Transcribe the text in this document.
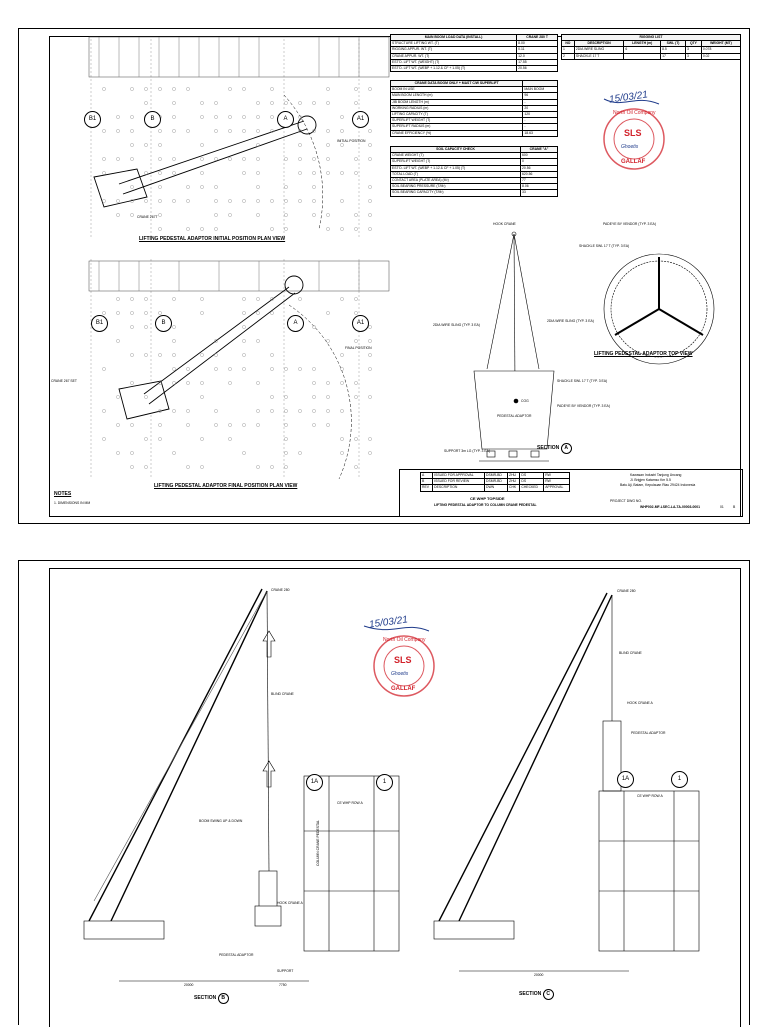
B1	B	A	A1
B1	B	A	A1
INITIAL POSITION
CRANE 267T
FINAL POSITION
CRANE 267 SET
LIFTING PEDESTAL ADAPTOR INITIAL POSITION PLAN VIEW
LIFTING PEDESTAL ADAPTOR FINAL POSITION PLAN VIEW
MAIN BOOM LOAD DATA (INSTALL)	CRANE 280 T
STRUCTURE LIFTING WT. (T)	8.00
RIGGING APPUR. WT. (T)	0.11
CRANE APPUR. WT. (T)	12.0
EST'D. LIFT WT. (WEIGHT) (T)	17.55
EST'D. LIFT WT. (WEBP + 1.12 & CF + 1.05) (T)	20.56
CRANE DATA BOOM ONLY + MAST C/W SUPERLIFT	
BOOM IN USE	MAIN BOOM
MAIN BOOM LENGTH (m)	96
JIB BOOM LENGTH (m)	-
WORKING RADIUS (m)	20
LIFTING CAPACITY (T)	120
SUPERLIFT WEIGHT (T)	-
SUPERLIFT RADIUS (m)	-
CRANE EFFICIENCY (%)	18.63
SOIL CAPACITY CHECK	CRANE "A"
CRANE WEIGHT (T)	600
SUPERLIFT WEIGHT (T)	0
EST'D. LIFT WT. (WEBP + 1.12 & CF + 1.05) (T)	20.56
TOTAL LOAD (T)	620.56
CONTACT AREA (PLATE AREA) (M²)	77
SOIL BEARING PRESSURE (T/M²)	8.06
SOIL BEARING CAPACITY (T/M²)	33
RIGGING LIST					
NO	DESCRIPTION	LENGTH (m)	SWL (T)	QTY	WEIGHT (MT)
1	2DIA WIRE SLING	6	8.5	3	0.078
2	SHACKLE 17 T		17	3	0.02
HOOK CRANE
2DIA WIRE SLING (TYP. 3 EA)
2DIA WIRE SLING (TYP. 3 EA)
SHACKLE SWL 17 T (TYP. 3 EA)
PADEYE BY VENDOR (TYP. 3 EA)
PEDESTAL ADAPTOR
SUPPORT 3m LG (TYP. 3 EA)
COG
PADEYE BY VENDOR (TYP. 3 EA)
SHACKLE SWL 17 T (TYP. 3 EA)
SECTION A
LIFTING PEDESTAL ADAPTOR TOP VIEW
NOTES
1. DIMENSIONS IN MM
A	ISSUED FOR APPROVAL	DSMR-BD	ZHU	DS	RW
B	ISSUED FOR REVIEW	DSMR-BD	ZHU	DS	RW
REV	DESCRIPTION	DWN	CHK	CHECKED	APPROVAL
CE WHP TOPSIDE
LIFTING PEDESTAL ADAPTOR TO COLUMN CRANE PEDESTAL
Kawasan Industri Tanjung Uncang
Jl. Brigjen Katamso Km 5.5
Batu Aji, Batam, Kepulauan Riau 29424 Indonesia
PROJECT DWG NO.
WHP002-MF-LSEC-LA-TA-00003-0001	01	B
15/03/21
North Oil Company
SLS
Ghoetis
GALLAF
1A	1	1A	1
CRANE 280
BLIND CRANE
BOOM SWING UP & DOWN
HOOK CRANE A
PEDESTAL ADAPTOR
SUPPORT
20000	7750
CE WHP ROW A
COLUMN CRANE PEDESTAL
CRANE 280
BLIND CRANE
HOOK CRANE A
PEDESTAL ADAPTOR
CE WHP ROW A
20000
SECTION B
SECTION C
15/03/21
North Oil Company
SLS
Ghoetis
GALLAF
